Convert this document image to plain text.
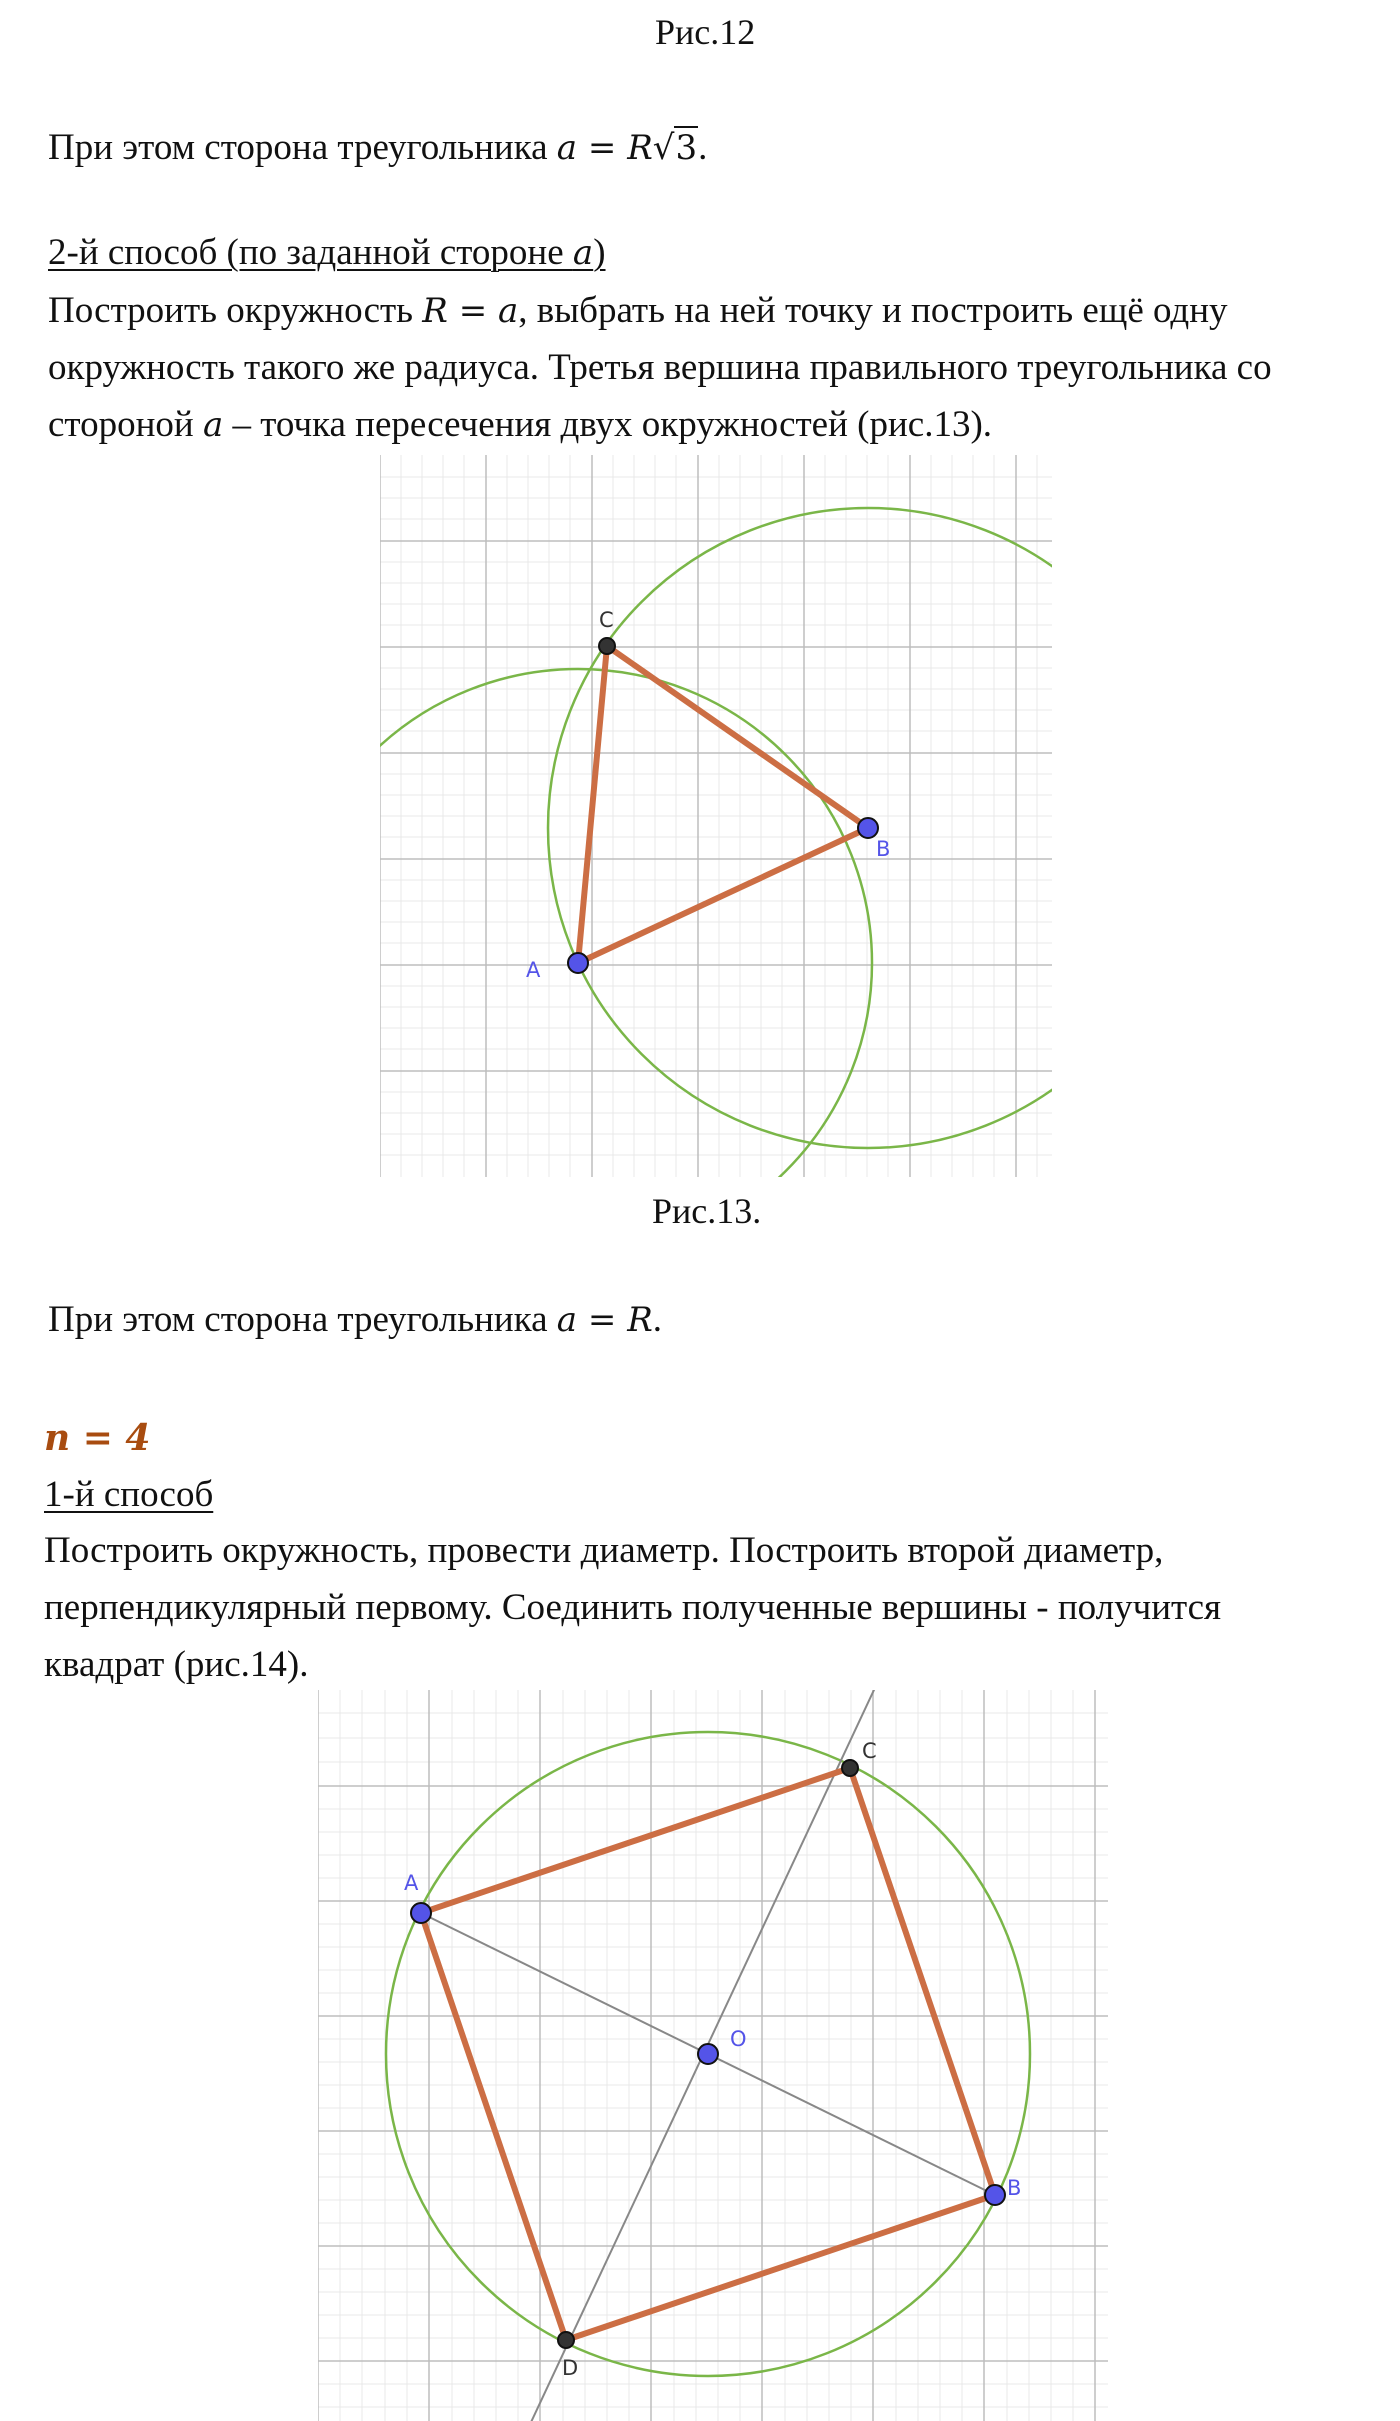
Рис.12
При этом сторона треугольника a = R√3.
2-й способ (по заданной стороне a)
Построить окружность R = a, выбрать на ней точку и построить ещё одну
окружность такого же радиуса. Третья вершина правильного треугольника со
стороной a – точка пересечения двух окружностей (рис.13).
A
B
C
Рис.13.
При этом сторона треугольника a = R.
n = 4
1-й способ
Построить окружность, провести диаметр. Построить второй диаметр,
перпендикулярный первому. Соединить полученные вершины - получится
квадрат (рис.14).
A
B
C
D
O
